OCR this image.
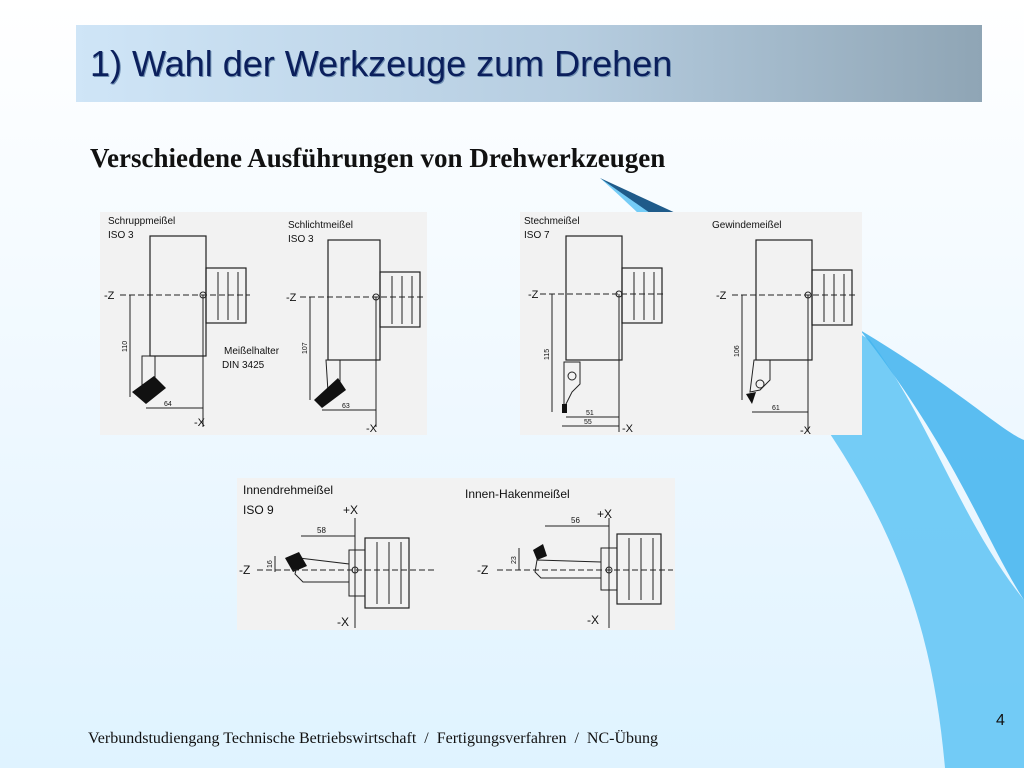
1) Wahl der Werkzeuge zum Drehen
Verschiedene Ausführungen von Drehwerkzeugen
Schruppmeißel
ISO 3
-Z
110
64
-X
Meißelhalter
DIN 3425
Schlichtmeißel
ISO 3
-Z
107
63
-X
Stechmeißel
ISO 7
-Z
115
51
55
-X
Gewindemeißel
-Z
106
61
-X
Innendrehmeißel
ISO 9	+X
58
-Z 16
-X
Innen-Hakenmeißel
+X
56
-Z
23
-X
4
Verbundstudiengang Technische Betriebswirtschaft  /  Fertigungsverfahren  /  NC-Übung
